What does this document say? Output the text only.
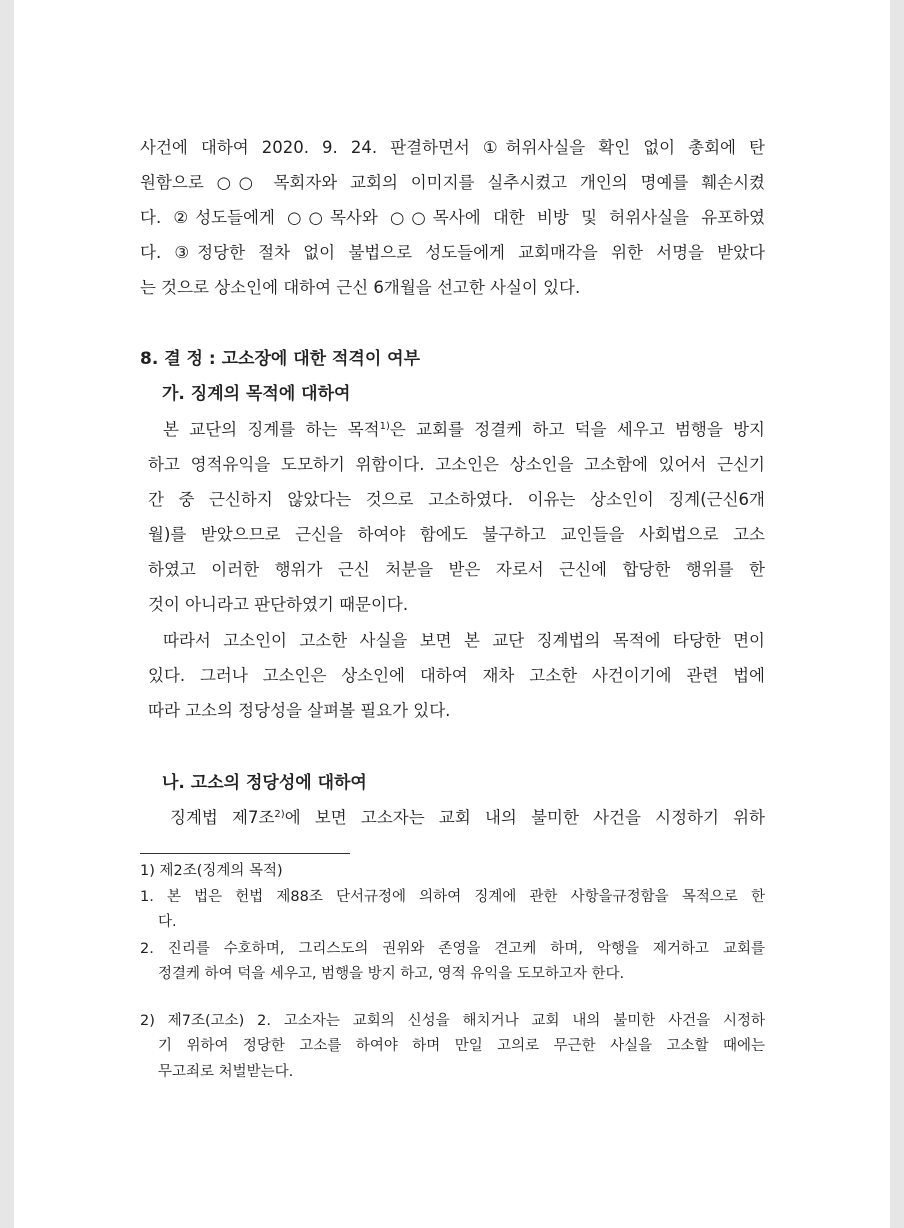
사건에 대하여 2020. 9. 24. 판결하면서 ①허위사실을 확인 없이 총회에 탄
원함으로 ○○ 목회자와 교회의 이미지를 실추시켰고 개인의 명예를 훼손시켰
다. ②성도들에게 ○○목사와 ○○목사에 대한 비방 및 허위사실을 유포하였
다. ③정당한 절차 없이 불법으로 성도들에게 교회매각을 위한 서명을 받았다
는 것으로 상소인에 대하여 근신 6개월을 선고한 사실이 있다.
8. 결 정 : 고소장에 대한 적격이 여부
가. 징계의 목적에 대하여
본 교단의 징계를 하는 목적$^{1)}$은 교회를 정결케 하고 덕을 세우고 범행을 방지
하고 영적유익을 도모하기 위함이다. 고소인은 상소인을 고소함에 있어서 근신기
간 중 근신하지 않았다는 것으로 고소하였다. 이유는 상소인이 징계(근신6개
월)를 받았으므로 근신을 하여야 함에도 불구하고 교인들을 사회법으로 고소
하였고 이러한 행위가 근신 처분을 받은 자로서 근신에 합당한 행위를 한
것이 아니라고 판단하였기 때문이다.
따라서 고소인이 고소한 사실을 보면 본 교단 징계법의 목적에 타당한 면이
있다. 그러나 고소인은 상소인에 대하여 재차 고소한 사건이기에 관련 법에
따라 고소의 정당성을 살펴볼 필요가 있다.
나. 고소의 정당성에 대하여
징계법 제7조$^{2)}$에 보면 고소자는 교회 내의 불미한 사건을 시정하기 위하
1) 제2조(징계의 목적)
1. 본 법은 헌법 제88조 단서규정에 의하여 징계에 관한 사항을규정함을 목적으로 한
다.
2. 진리를 수호하며, 그리스도의 권위와 존영을 견고케 하며, 악행을 제거하고 교회를
정결케 하여 덕을 세우고, 범행을 방지 하고, 영적 유익을 도모하고자 한다.
2) 제7조(고소) 2. 고소자는 교회의 신성을 해치거나 교회 내의 불미한 사건을 시정하
기 위하여 정당한 고소를 하여야 하며 만일 고의로 무근한 사실을 고소할 때에는
무고죄로 처벌받는다.
